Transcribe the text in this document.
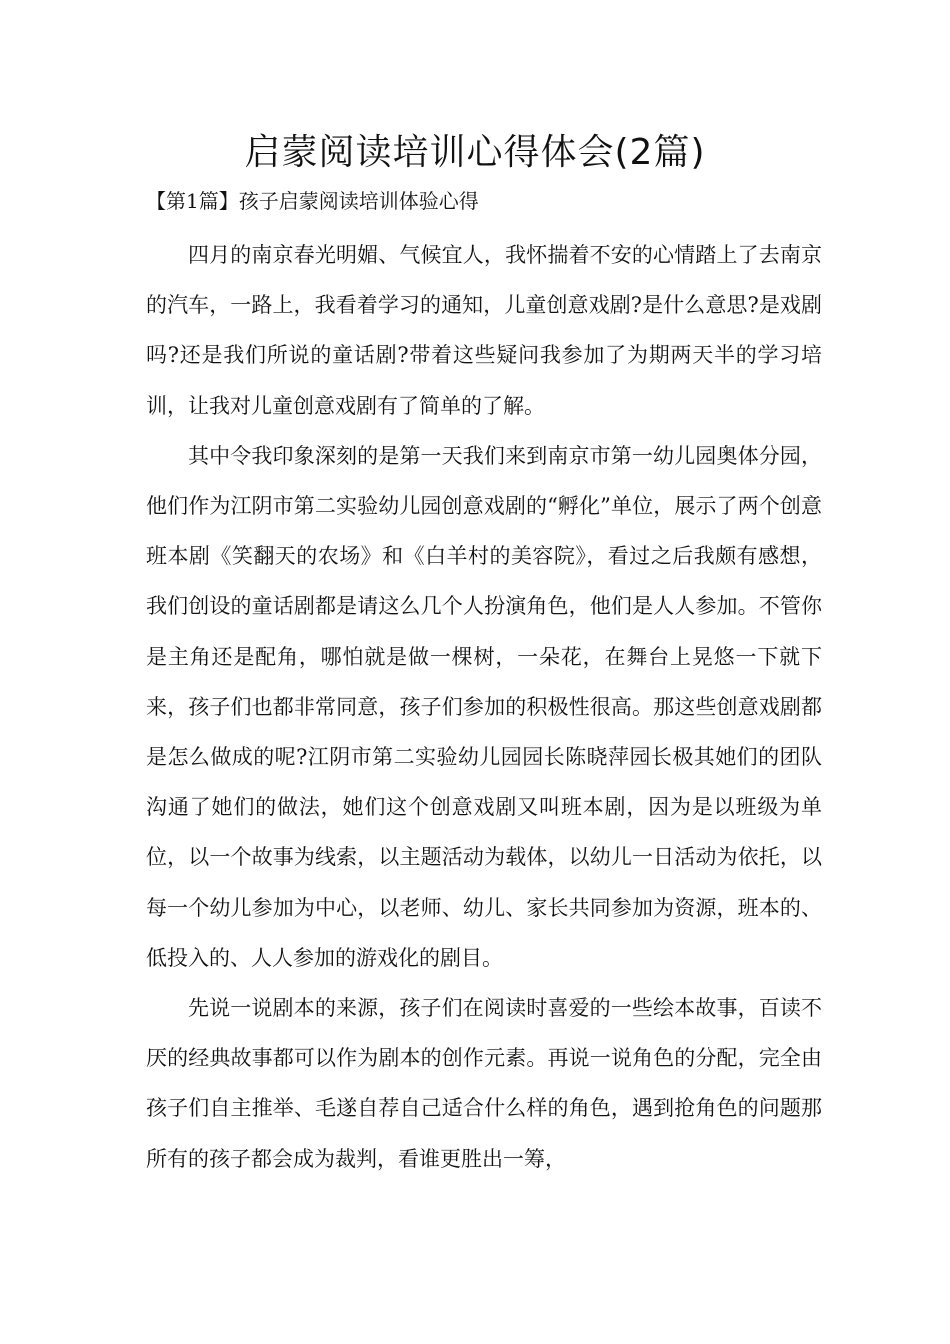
启蒙阅读培训心得体会(2篇)
【第1篇】孩子启蒙阅读培训体验心得

四月的南京春光明媚、气候宜人，我怀揣着不安的心情踏上了去南京的汽车，一路上，我看着学习的通知，儿童创意戏剧?是什么意思?是戏剧吗?还是我们所说的童话剧?带着这些疑问我参加了为期两天半的学习培训，让我对儿童创意戏剧有了简单的了解。

其中令我印象深刻的是第一天我们来到南京市第一幼儿园奥体分园，他们作为江阴市第二实验幼儿园创意戏剧的“孵化”单位，展示了两个创意班本剧《笑翻天的农场》和《白羊村的美容院》，看过之后我颇有感想，我们创设的童话剧都是请这么几个人扮演角色，他们是人人参加。不管你是主角还是配角，哪怕就是做一棵树，一朵花，在舞台上晃悠一下就下来，孩子们也都非常同意，孩子们参加的积极性很高。那这些创意戏剧都是怎么做成的呢?江阴市第二实验幼儿园园长陈晓萍园长极其她们的团队沟通了她们的做法，她们这个创意戏剧又叫班本剧，因为是以班级为单位，以一个故事为线索，以主题活动为载体，以幼儿一日活动为依托，以每一个幼儿参加为中心，以老师、幼儿、家长共同参加为资源，班本的、低投入的、人人参加的游戏化的剧目。

先说一说剧本的来源，孩子们在阅读时喜爱的一些绘本故事，百读不厌的经典故事都可以作为剧本的创作元素。再说一说角色的分配，完全由孩子们自主推举、毛遂自荐自己适合什么样的角色，遇到抢角色的问题那所有的孩子都会成为裁判，看谁更胜出一筹，
